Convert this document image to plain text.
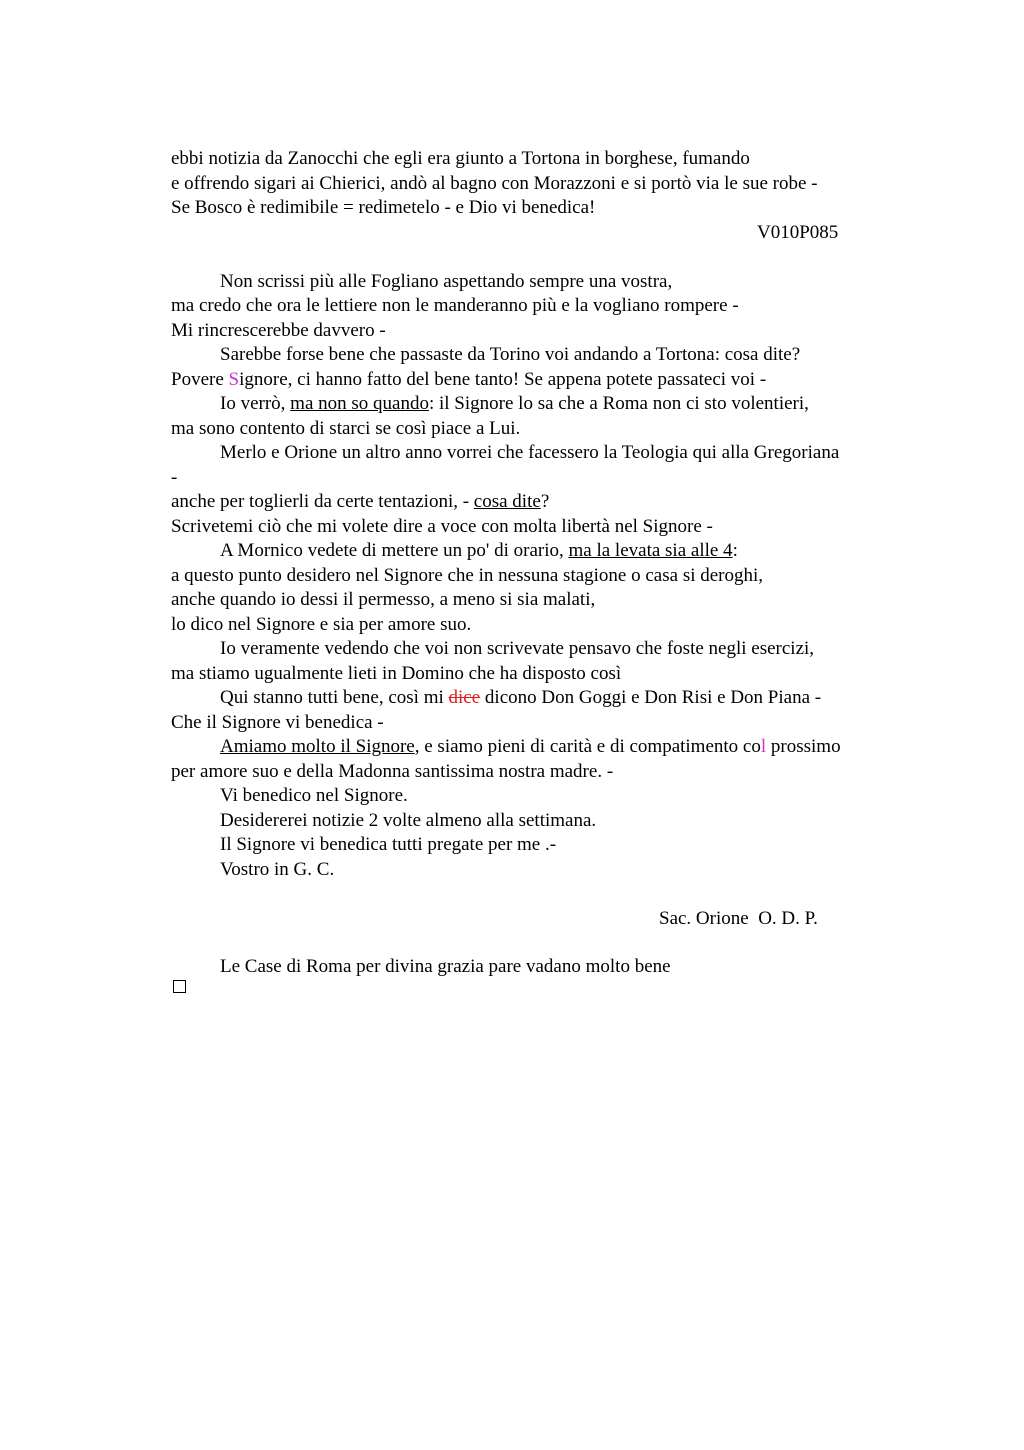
ebbi notizia da Zanocchi che egli era giunto a Tortona in borghese, fumando
e offrendo sigari ai Chierici, andò al bagno con Morazzoni e si portò via le sue robe -
Se Bosco è redimibile = redimetelo - e Dio vi benedica!
V010P085
Non scrissi più alle Fogliano aspettando sempre una vostra,
ma credo che ora le lettiere non le manderanno più e la vogliano rompere -
Mi rincrescerebbe davvero -
Sarebbe forse bene che passaste da Torino voi andando a Tortona: cosa dite?
Povere Signore, ci hanno fatto del bene tanto! Se appena potete passateci voi -
Io verrò, ma non so quando: il Signore lo sa che a Roma non ci sto volentieri,
ma sono contento di starci se così piace a Lui.
Merlo e Orione un altro anno vorrei che facessero la Teologia qui alla Gregoriana
-
anche per toglierli da certe tentazioni, - cosa dite?
Scrivetemi ciò che mi volete dire a voce con molta libertà nel Signore -
A Mornico vedete di mettere un po' di orario, ma la levata sia alle 4:
a questo punto desidero nel Signore che in nessuna stagione o casa si deroghi,
anche quando io dessi il permesso, a meno si sia malati,
lo dico nel Signore e sia per amore suo.
Io veramente vedendo che voi non scrivevate pensavo che foste negli esercizi,
ma stiamo ugualmente lieti in Domino che ha disposto così
Qui stanno tutti bene, così mi dice dicono Don Goggi e Don Risi e Don Piana -
Che il Signore vi benedica -
Amiamo molto il Signore, e siamo pieni di carità e di compatimento col prossimo
per amore suo e della Madonna santissima nostra madre. -
Vi benedico nel Signore.
Desidererei notizie 2 volte almeno alla settimana.
Il Signore vi benedica tutti pregate per me .-
Vostro in G. C.
Sac. Orione  O. D. P.
Le Case di Roma per divina grazia pare vadano molto bene
